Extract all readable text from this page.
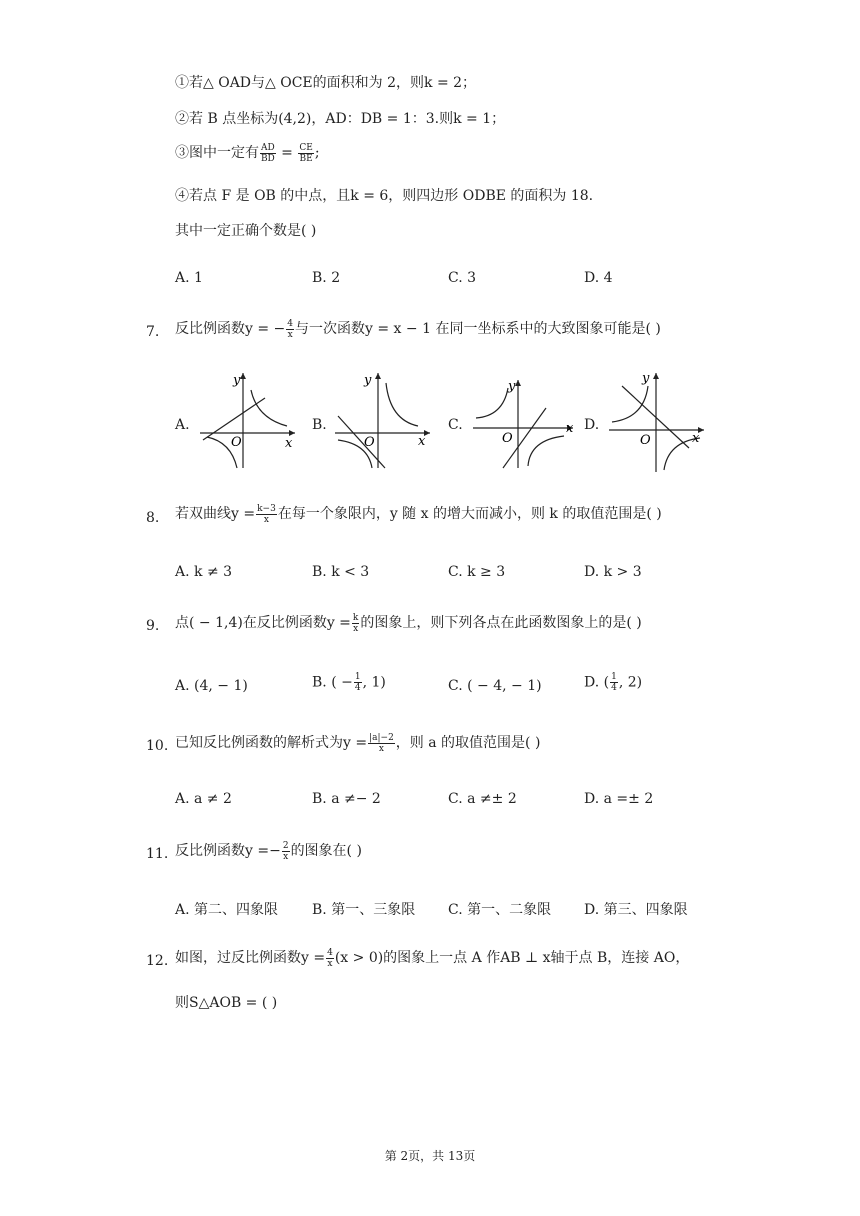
①若△ OAD与△ OCE的面积和为 2，则k = 2；
②若 B 点坐标为(4,2)，AD：DB = 1：3.则k = 1；
③图中一定有 $\frac{AD}{BD} = \frac{CE}{BE}$ ;
④若点 F 是 OB 的中点，且k = 6，则四边形 ODBE 的面积为 18.
其中一定正确个数是( )
A. 1	B. 2	C. 3	D. 4
7. 反比例函数y = − $\frac{4}{x}$ 与一次函数y = x − 1 在同一坐标系中的大致图象可能是( )
A.	B.	C.	D.
y
x
O
y
x
O
y
x
O
y
x
O
8. 若双曲线$y = \frac{k-3}{x}$ 在每一个象限内，y 随 x 的增大而减小，则 k 的取值范围是( )
A. k ≠ 3	B. k < 3	C. k ≥ 3	D. k > 3
9. 点( − 1,4)在反比例函数$y = \frac{k}{x}$ 的图象上，则下列各点在此函数图象上的是( )
A. (4, − 1)	B. ( − $\frac{1}{4}$ , 1)	C. ( − 4, − 1)	D. ( $\frac{1}{4}$ , 2)
10. 已知反比例函数的解析式为$y = \frac{|a|-2}{x}$ ，则 a 的取值范围是( )
A. a ≠ 2	B. a ≠− 2	C. a ≠± 2	D. a =± 2
11. 反比例函数$y =- \frac{2}{x}$ 的图象在( )
A. 第二、四象限 B. 第一、三象限 C. 第一、二象限 D. 第三、四象限
12. 如图，过反比例函数$y = \frac{4}{x} (x > 0)$的图象上一点 A 作AB ⊥ x轴于点 B，连接 AO，
则S△AOB = ( )
第 2页，共 13页
